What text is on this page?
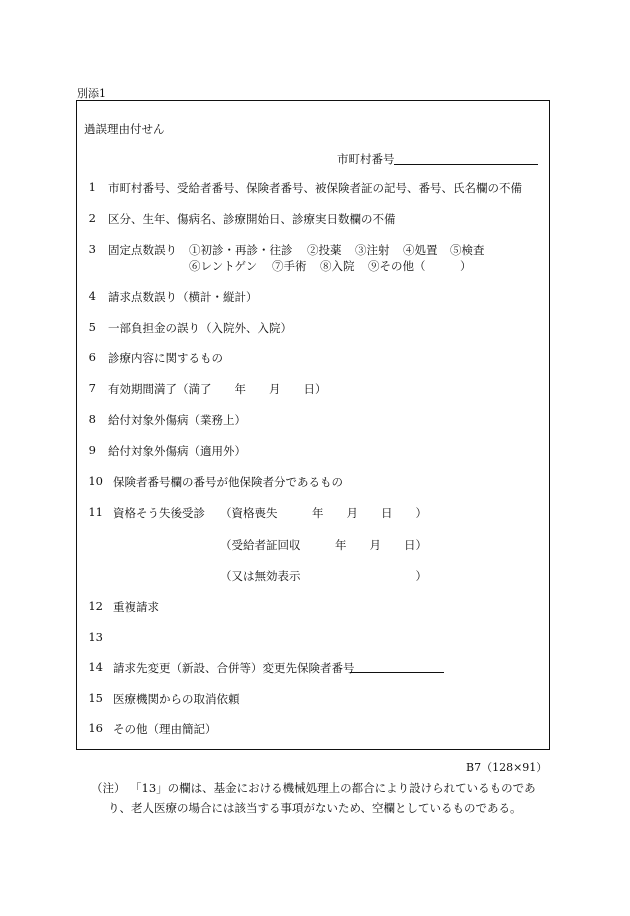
別添1
過誤理由付せん
市町村番号
1 市町村番号、受給者番号、保険者番号、被保険者証の記号、番号、氏名欄の不備
2 区分、生年、傷病名、診療開始日、診療実日数欄の不備
3 固定点数誤り ①初診・再診・往診 ②投薬 ③注射 ④処置 ⑤検査
⑥レントゲン ⑦手術 ⑧入院 ⑨その他（　　　）
4 請求点数誤り（横計・縦計）
5 一部負担金の誤り（入院外、入院）
6 診療内容に関するもの
7 有効期間満了（満了　　年　　月　　日）
8 給付対象外傷病（業務上）
9 給付対象外傷病（適用外）
10 保険者番号欄の番号が他保険者分であるもの
11 資格そう失後受診 （資格喪失　　　年　　月　　日　　）
（受給者証回収　　　年　　月　　日）
（又は無効表示　　　　　　　　　　）
12 重複請求
13
14 請求先変更（新設、合併等）変更先保険者番号
15 医療機関からの取消依頼
16 その他（理由簡記）
B7（128×91）
（注） 「13」の欄は、基金における機械処理上の都合により設けられているものであ
り、老人医療の場合には該当する事項がないため、空欄としているものである。
